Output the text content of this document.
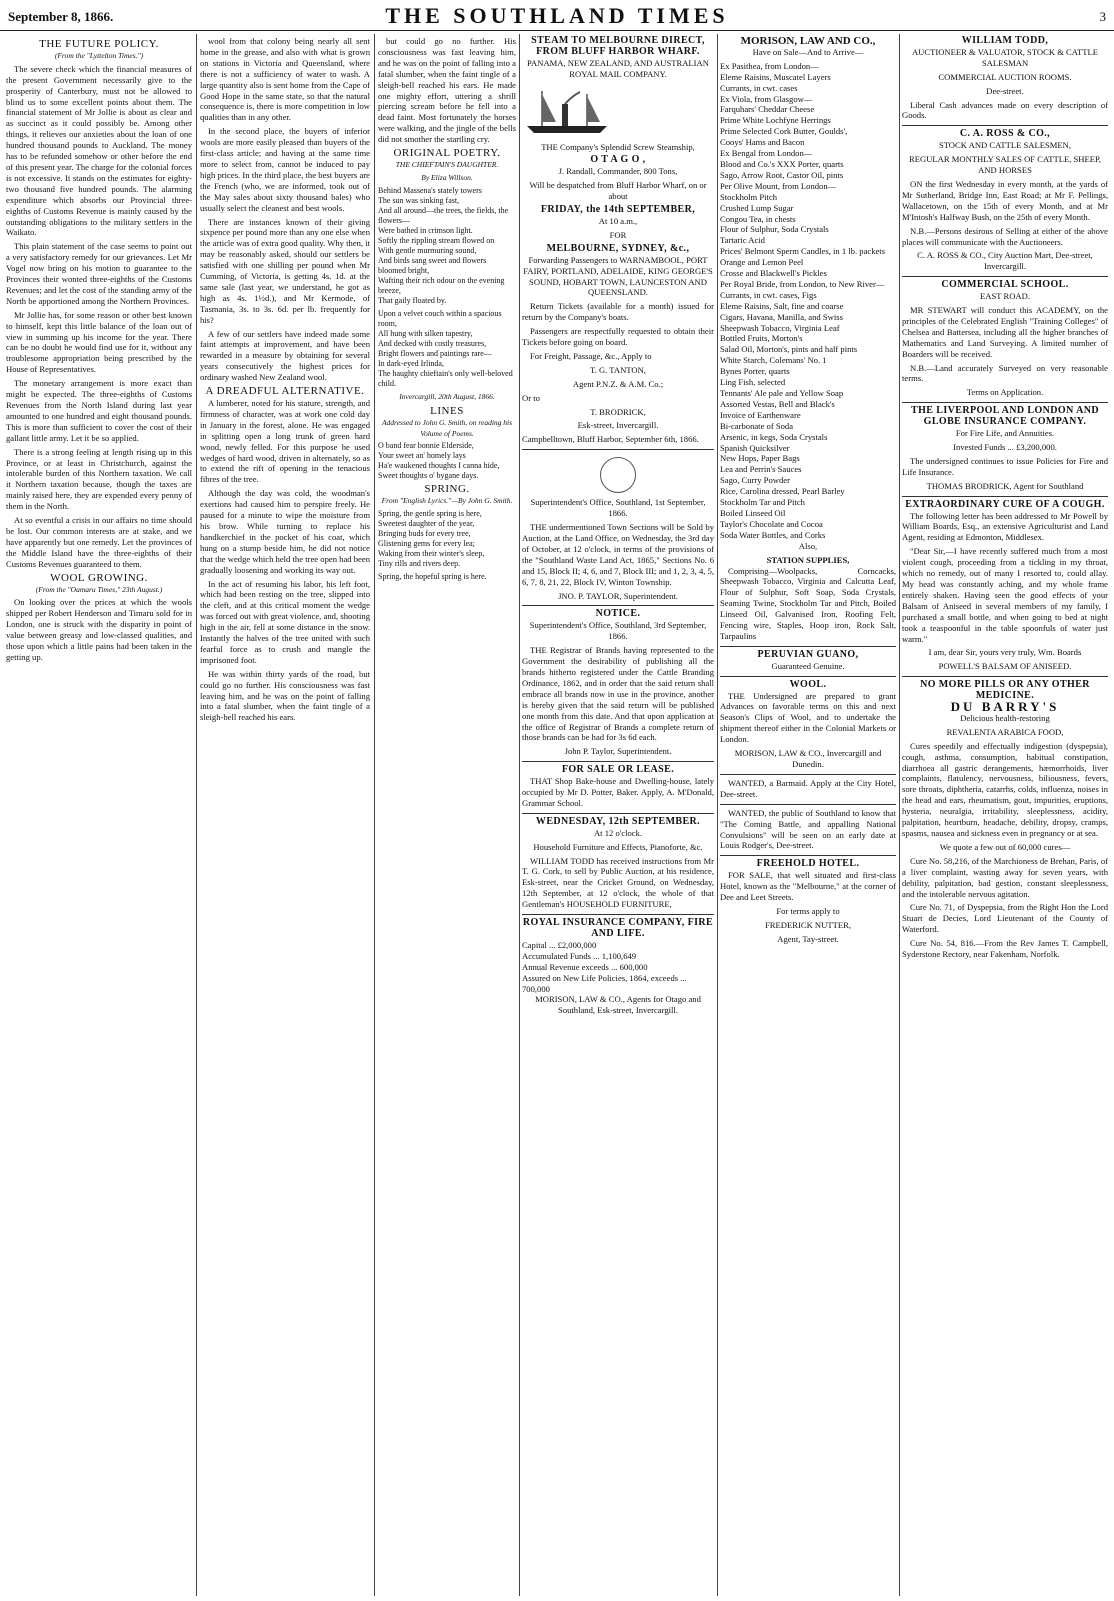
September 8, 1866.	THE SOUTHLAND TIMES	3
THE FUTURE POLICY.
(From the "Lyttelton Times.")

The severe check which the financial measures of the present Government necessarily give to the prosperity of Canterbury, must not be allowed to blind us to some excellent points about them. The financial statement of Mr Jollie is about as clear and as succinct as it could possibly be. Among other things, it relieves our anxieties about the loan of one hundred thousand pounds to Auckland. The money has to be refunded somehow or other before the end of this present year. The charge for the colonial forces is not excessive. It stands on the estimates for eighty-two thousand five hundred pounds. The alarming expenditure which absorbs our Provincial three-eighths of Customs Revenue is mainly caused by the outstanding obligations to the military settlers in the Waikato.

This plain statement of the case seems to point out a very satisfactory remedy for our grievances. Let Mr Vogel now bring on his motion to guarantee to the Provinces their wonted three-eighths of the Customs Revenues; and let the cost of the standing army of the North be apportioned among the Northern Provinces.

Mr Jollie has, for some reason or other best known to himself, kept this little balance of the loan out of view in summing up his income for the year. There can be no doubt he would find use for it, without any troublesome appropriation being prescribed by the House of Representatives.

The monetary arrangement is more exact than might be expected. The three-eighths of Customs Revenues from the North Island during last year amounted to one hundred and eight thousand pounds. This is more than sufficient to cover the cost of their gallant little army. Let it be so applied.

There is a strong feeling at length rising up in this Province, or at least in Christchurch, against the intolerable burden of this Northern taxation. We call it Northern taxation because, though the taxes are mainly raised here, they are expended every penny of them in the North.

At so eventful a crisis in our affairs no time should be lost. Our common interests are at stake, and we have apparently but one remedy. Let the provinces of the Middle Island have the three-eighths of their Customs Revenues guaranteed to them.

WOOL GROWING.
(From the "Oamaru Times," 23th August.)

On looking over the prices at which the wools shipped per Robert Henderson and Timaru sold for in London, one is struck with the disparity in point of value between greasy and low-classed qualities, and those upon which a little pains had been taken in the getting up.

wool from that colony being nearly all sent home in the grease, and also with what is grown on stations in Victoria and Queensland, where there is not a sufficiency of water to wash. A large quantity also is sent home from the Cape of Good Hope in the same state, so that the natural consequence is, there is more competition in low qualities than in any other.

In the second place, the buyers of inferior wools are more easily pleased than buyers of the first-class article; and having at the same time more to select from, cannot be induced to pay high prices. In the third place, the best buyers are the French (who, we are informed, took out of the May sales about sixty thousand bales) who usually select the cleanest and best wools.

There are instances known of their giving sixpence per pound more than any one else when the article was of extra good quality. Why then, it may be reasonably asked, should our settlers be satisfied with one shilling per pound when Mr Cumming, of Victoria, is getting 4s. 1d. at the same sale (last year, we understand, he got as high as 4s. 1½d.), and Mr Kermode, of Tasmania, 3s. to 3s. 6d. per lb. frequently for his?

A few of our settlers have indeed made some faint attempts at improvement, and have been rewarded in a measure by obtaining for several years consecutively the highest prices for ordinary washed New Zealand wool.

A DREADFUL ALTERNATIVE.

A lumberer, noted for his stature, strength, and firmness of character, was at work one cold day in January in the forest, alone. He was engaged in splitting open a long trunk of green hard wood, newly felled. For this purpose he used wedges of hard wood, driven in alternately, so as to extend the rift of opening in the tenacious fibres of the tree.

Although the day was cold, the woodman's exertions had caused him to perspire freely. He paused for a minute to wipe the moisture from his brow. While turning to replace his handkerchief in the pocket of his coat, which hung on a stump beside him, he did not notice that the wedge which held the tree open had been gradually loosening and working its way out.

In the act of resuming his labor, his left foot, which had been resting on the tree, slipped into the cleft, and at this critical moment the wedge was forced out with great violence, and, shooting high in the air, fell at some distance in the snow. Instantly the halves of the tree united with such fearful force as to crush and mangle the imprisoned foot.

He was within thirty yards of the road, but could go no further. His consciousness was fast leaving him, and he was on the point of falling into a fatal slumber, when the faint tingle of a sleigh-bell reached his ears.

but could go no further. His consciousness was fast leaving him, and he was on the point of falling into a fatal slumber, when the faint tingle of a sleigh-bell reached his ears. He made one mighty effort, uttering a shrill piercing scream before he fell into a dead faint. Most fortunately the horses were walking, and the jingle of the bells did not smother the startling cry.

ORIGINAL POETRY.
THE CHIEFTAIN'S DAUGHTER.
By Eliza Willson.

Behind Massena's stately towers
The sun was sinking fast,
And all around—the trees, the fields, the flowers—
Were bathed in crimson light.
Softly the rippling stream flowed on
With gentle murmuring sound,
And birds sang sweet and flowers bloomed bright,
Wafting their rich odour on the evening breeze,
That gaily floated by.

Upon a velvet couch within a spacious room,
All hung with silken tapestry,
And decked with costly treasures,
Bright flowers and paintings rare—
In dark-eyed Irlinda,
The haughty chieftain's only well-beloved child.

Invercargill, 20th August, 1866.
LINES
Addressed to John G. Smith, on reading his Volume of Poems.

O band fear bonnie Elderside,
Your sweet an' homely lays
Ha'e waukened thoughts I canna hide,
Sweet thoughts o' bygane days.

SPRING.
From "English Lyrics."—By John G. Smith.

Spring, the gentle spring is here,
Sweetest daughter of the year,
Bringing buds for every tree,
Glistening gems for every lea;
Waking from their winter's sleep,
Tiny rills and rivers deep.

Spring, the hopeful spring is here.

STEAM TO MELBOURNE DIRECT, FROM BLUFF HARBOR WHARF.

PANAMA, NEW ZEALAND, AND AUSTRALIAN ROYAL MAIL COMPANY.

THE Company's Splendid Screw Steamship,

O T A G O ,

J. Randall, Commander, 800 Tons,

Will be despatched from Bluff Harbor Wharf, on or about

FRIDAY, the 14th SEPTEMBER,

At 10 a.m.,

FOR

MELBOURNE, SYDNEY, &c.,

Forwarding Passengers to WARNAMBOOL, PORT FAIRY, PORTLAND, ADELAIDE, KING GEORGE'S SOUND, HOBART TOWN, LAUNCESTON AND QUEENSLAND.

Return Tickets (available for a month) issued for return by the Company's boats.

Passengers are respectfully requested to obtain their Tickets before going on board.

For Freight, Passage, &c., Apply to

T. G. TANTON,

Agent P.N.Z. & A.M. Co.;

Or to

T. BRODRICK,

Esk-street, Invercargill.

Campbelltown, Bluff Harbor, September 6th, 1866.

Superintendent's Office, Southland, 1st September, 1866.

THE undermentioned Town Sections will be Sold by Auction, at the Land Office, on Wednesday, the 3rd day of October, at 12 o'clock, in terms of the provisions of the "Southland Waste Land Act, 1865," Sections No. 6 and 15, Block II; 4, 6, and 7, Block III; and 1, 2, 3, 4, 5, 6, 7, 8, 21, 22, Block IV, Winton Township.

JNO. P. TAYLOR, Superintendent.

NOTICE.

Superintendent's Office, Southland, 3rd September, 1866.

THE Registrar of Brands having represented to the Government the desirability of publishing all the brands hitherto registered under the Cattle Branding Ordinance, 1862, and in order that the said return shall embrace all brands now in use in the province, another is hereby given that the said return will be published one month from this date. And that upon application at the office of Registrar of Brands a complete return of those brands can be had for 3s 6d each.

John P. Taylor, Superintendent.

FOR SALE OR LEASE.

THAT Shop Bake-house and Dwelling-house, lately occupied by Mr D. Potter, Baker. Apply, A. M'Donald, Grammar School.

WEDNESDAY, 12th SEPTEMBER.

At 12 o'clock.

Household Furniture and Effects, Pianoforte, &c.

WILLIAM TODD has received instructions from Mr T. G. Cork, to sell by Public Auction, at his residence, Esk-street, near the Cricket Ground, on Wednesday, 12th September, at 12 o'clock, the whole of that Gentleman's HOUSEHOLD FURNITURE,

ROYAL INSURANCE COMPANY, FIRE AND LIFE.

Capital ... £2,000,000

Accumulated Funds ... 1,100,649

Annual Revenue exceeds ... 600,000

Assured on New Life Policies, 1864, exceeds ... 700,000

MORISON, LAW & CO., Agents for Otago and Southland, Esk-street, Invercargill.

MORISON, LAW AND CO.,

Have on Sale—And to Arrive—

Ex Pasithea, from London—

Eleme Raisins, Muscatel Layers

Currants, in cwt. cases

Ex Viola, from Glasgow—

Farquhars' Cheddar Cheese

Prime White Lochfyne Herrings

Prime Selected Cork Butter, Goulds',

Cooys' Hams and Bacon

Ex Bengal from London—

Blood and Co.'s XXX Porter, quarts

Sago, Arrow Root, Castor Oil, pints

Per Olive Mount, from London—

Stockholm Pitch

Crushed Lump Sugar

Congou Tea, in chests

Flour of Sulphur, Soda Crystals

Tartaric Acid

Prices' Belmont Sperm Candles, in 1 lb. packets

Orange and Lemon Peel

Crosse and Blackwell's Pickles

Per Royal Bride, from London, to New River—

Currants, in cwt. cases, Figs

Eleme Raisins, Salt, fine and coarse

Cigars, Havana, Manilla, and Swiss

Sheepwash Tobacco, Virginia Leaf

Bottled Fruits, Morton's

Salad Oil, Morton's, pints and half pints

White Starch, Colemans' No. 1

Bynes Porter, quarts

Ling Fish, selected

Tennants' Ale pale and Yellow Soap

Assorted Vestas, Bell and Black's

Invoice of Earthenware

Bi-carbonate of Soda

Arsenic, in kegs, Soda Crystals

Spanish Quicksilver

New Hops, Paper Bags

Lea and Perrin's Sauces

Sago, Curry Powder

Rice, Carolina dressed, Pearl Barley

Stockholm Tar and Pitch

Boiled Linseed Oil

Taylor's Chocolate and Cocoa

Soda Water Bottles, and Corks

Also,

STATION SUPPLIES,

Comprising—Woolpacks, Corncacks, Sheepwash Tobacco, Virginia and Calcutta Leaf, Flour of Sulphur, Soft Soap, Soda Crystals, Seaming Twine, Stockholm Tar and Pitch, Boiled Linseed Oil, Galvanised Iron, Roofing Felt, Fencing wire, Staples, Hoop iron, Rock Salt, Tarpaulins

PERUVIAN GUANO,

Guaranteed Genuine.

WOOL.

THE Undersigned are prepared to grant Advances on favorable terms on this and next Season's Clips of Wool, and to undertake the shipment thereof either in the Colonial Markets or London.

MORISON, LAW & CO., Invercargill and Dunedin.

WANTED, a Barmaid. Apply at the City Hotel, Dee-street.

WANTED, the public of Southland to know that "The Coming Battle, and appalling National Convulsions" will be seen on an early date at Louis Rodger's, Dee-street.

FREEHOLD HOTEL.

FOR SALE, that well situated and first-class Hotel, known as the "Melbourne," at the corner of Dee and Leet Streets.

For terms apply to

FREDERICK NUTTER,

Agent, Tay-street.

WILLIAM TODD,

AUCTIONEER & VALUATOR, STOCK & CATTLE SALESMAN

COMMERCIAL AUCTION ROOMS.

Dee-street.

Liberal Cash advances made on every description of Goods.

C. A. ROSS & CO.,

STOCK AND CATTLE SALESMEN,

REGULAR MONTHLY SALES OF CATTLE, SHEEP, AND HORSES

ON the first Wednesday in every month, at the yards of Mr Sutherland, Bridge Inn, East Road; at Mr F. Pellings, Wallacetown, on the 15th of every Month, and at Mr M'Intosh's Halfway Bush, on the 25th of every Month.

N.B.—Persons desirous of Selling at either of the above places will communicate with the Auctioneers.

C. A. ROSS & CO., City Auction Mart, Dee-street, Invercargill.

COMMERCIAL SCHOOL.

EAST ROAD.

MR STEWART will conduct this ACADEMY, on the principles of the Celebrated English "Training Colleges" of Chelsea and Battersea, including all the higher branches of Mathematics and Land Surveying. A limited number of Boarders will be received.

N.B.—Land accurately Surveyed on very reasonable terms.

Terms on Application.

THE LIVERPOOL AND LONDON AND GLOBE INSURANCE COMPANY.

For Fire Life, and Annuities.

Invested Funds ... £3,200,000.

The undersigned continues to issue Policies for Fire and Life Insurance.

THOMAS BRODRICK, Agent for Southland

EXTRAORDINARY CURE OF A COUGH.

The following letter has been addressed to Mr Powell by William Boards, Esq., an extensive Agriculturist and Land Agent, residing at Edmonton, Middlesex.

"Dear Sir,—I have recently suffered much from a most violent cough, proceeding from a tickling in my throat, which no remedy, out of many I resorted to, could allay. My head was constantly aching, and my whole frame entirely shaken. Having seen the good effects of your Balsam of Aniseed in several members of my family, I purchased a small bottle, and when going to bed at night took a teaspoonful in the table spoonfuls of water just warm."

I am, dear Sir, yours very truly, Wm. Boards

POWELL'S BALSAM OF ANISEED.

NO MORE PILLS OR ANY OTHER MEDICINE.
DU BARRY'S

Delicious health-restoring

REVALENTA ARABICA FOOD,

Cures speedily and effectually indigestion (dyspepsia), cough, asthma, consumption, habitual constipation, diarrhoea all gastric derangements, hæmorrhoids, liver complaints, flatulency, nervousness, biliousness, fevers, sore throats, diphtheria, catarrhs, colds, influenza, noises in the head and ears, rheumatism, gout, impurities, eruptions, hysteria, neuralgia, irritability, sleeplessness, acidity, palpitation, heartburn, headache, debility, dropsy, cramps, spasms, nausea and sickness even in pregnancy or at sea.

We quote a few out of 60,000 cures—

Cure No. 58,216, of the Marchioness de Brehan, Paris, of a liver complaint, wasting away for seven years, with debility, palpitation, bad gestion, constant sleeplessness, and the intolerable nervous agitation.

Cure No. 71, of Dyspepsia, from the Right Hon the Lord Stuart de Decies, Lord Lieutenant of the County of Waterford.

Cure No. 54, 816.—From the Rev James T. Campbell, Syderstone Rectory, near Fakenham, Norfolk.
